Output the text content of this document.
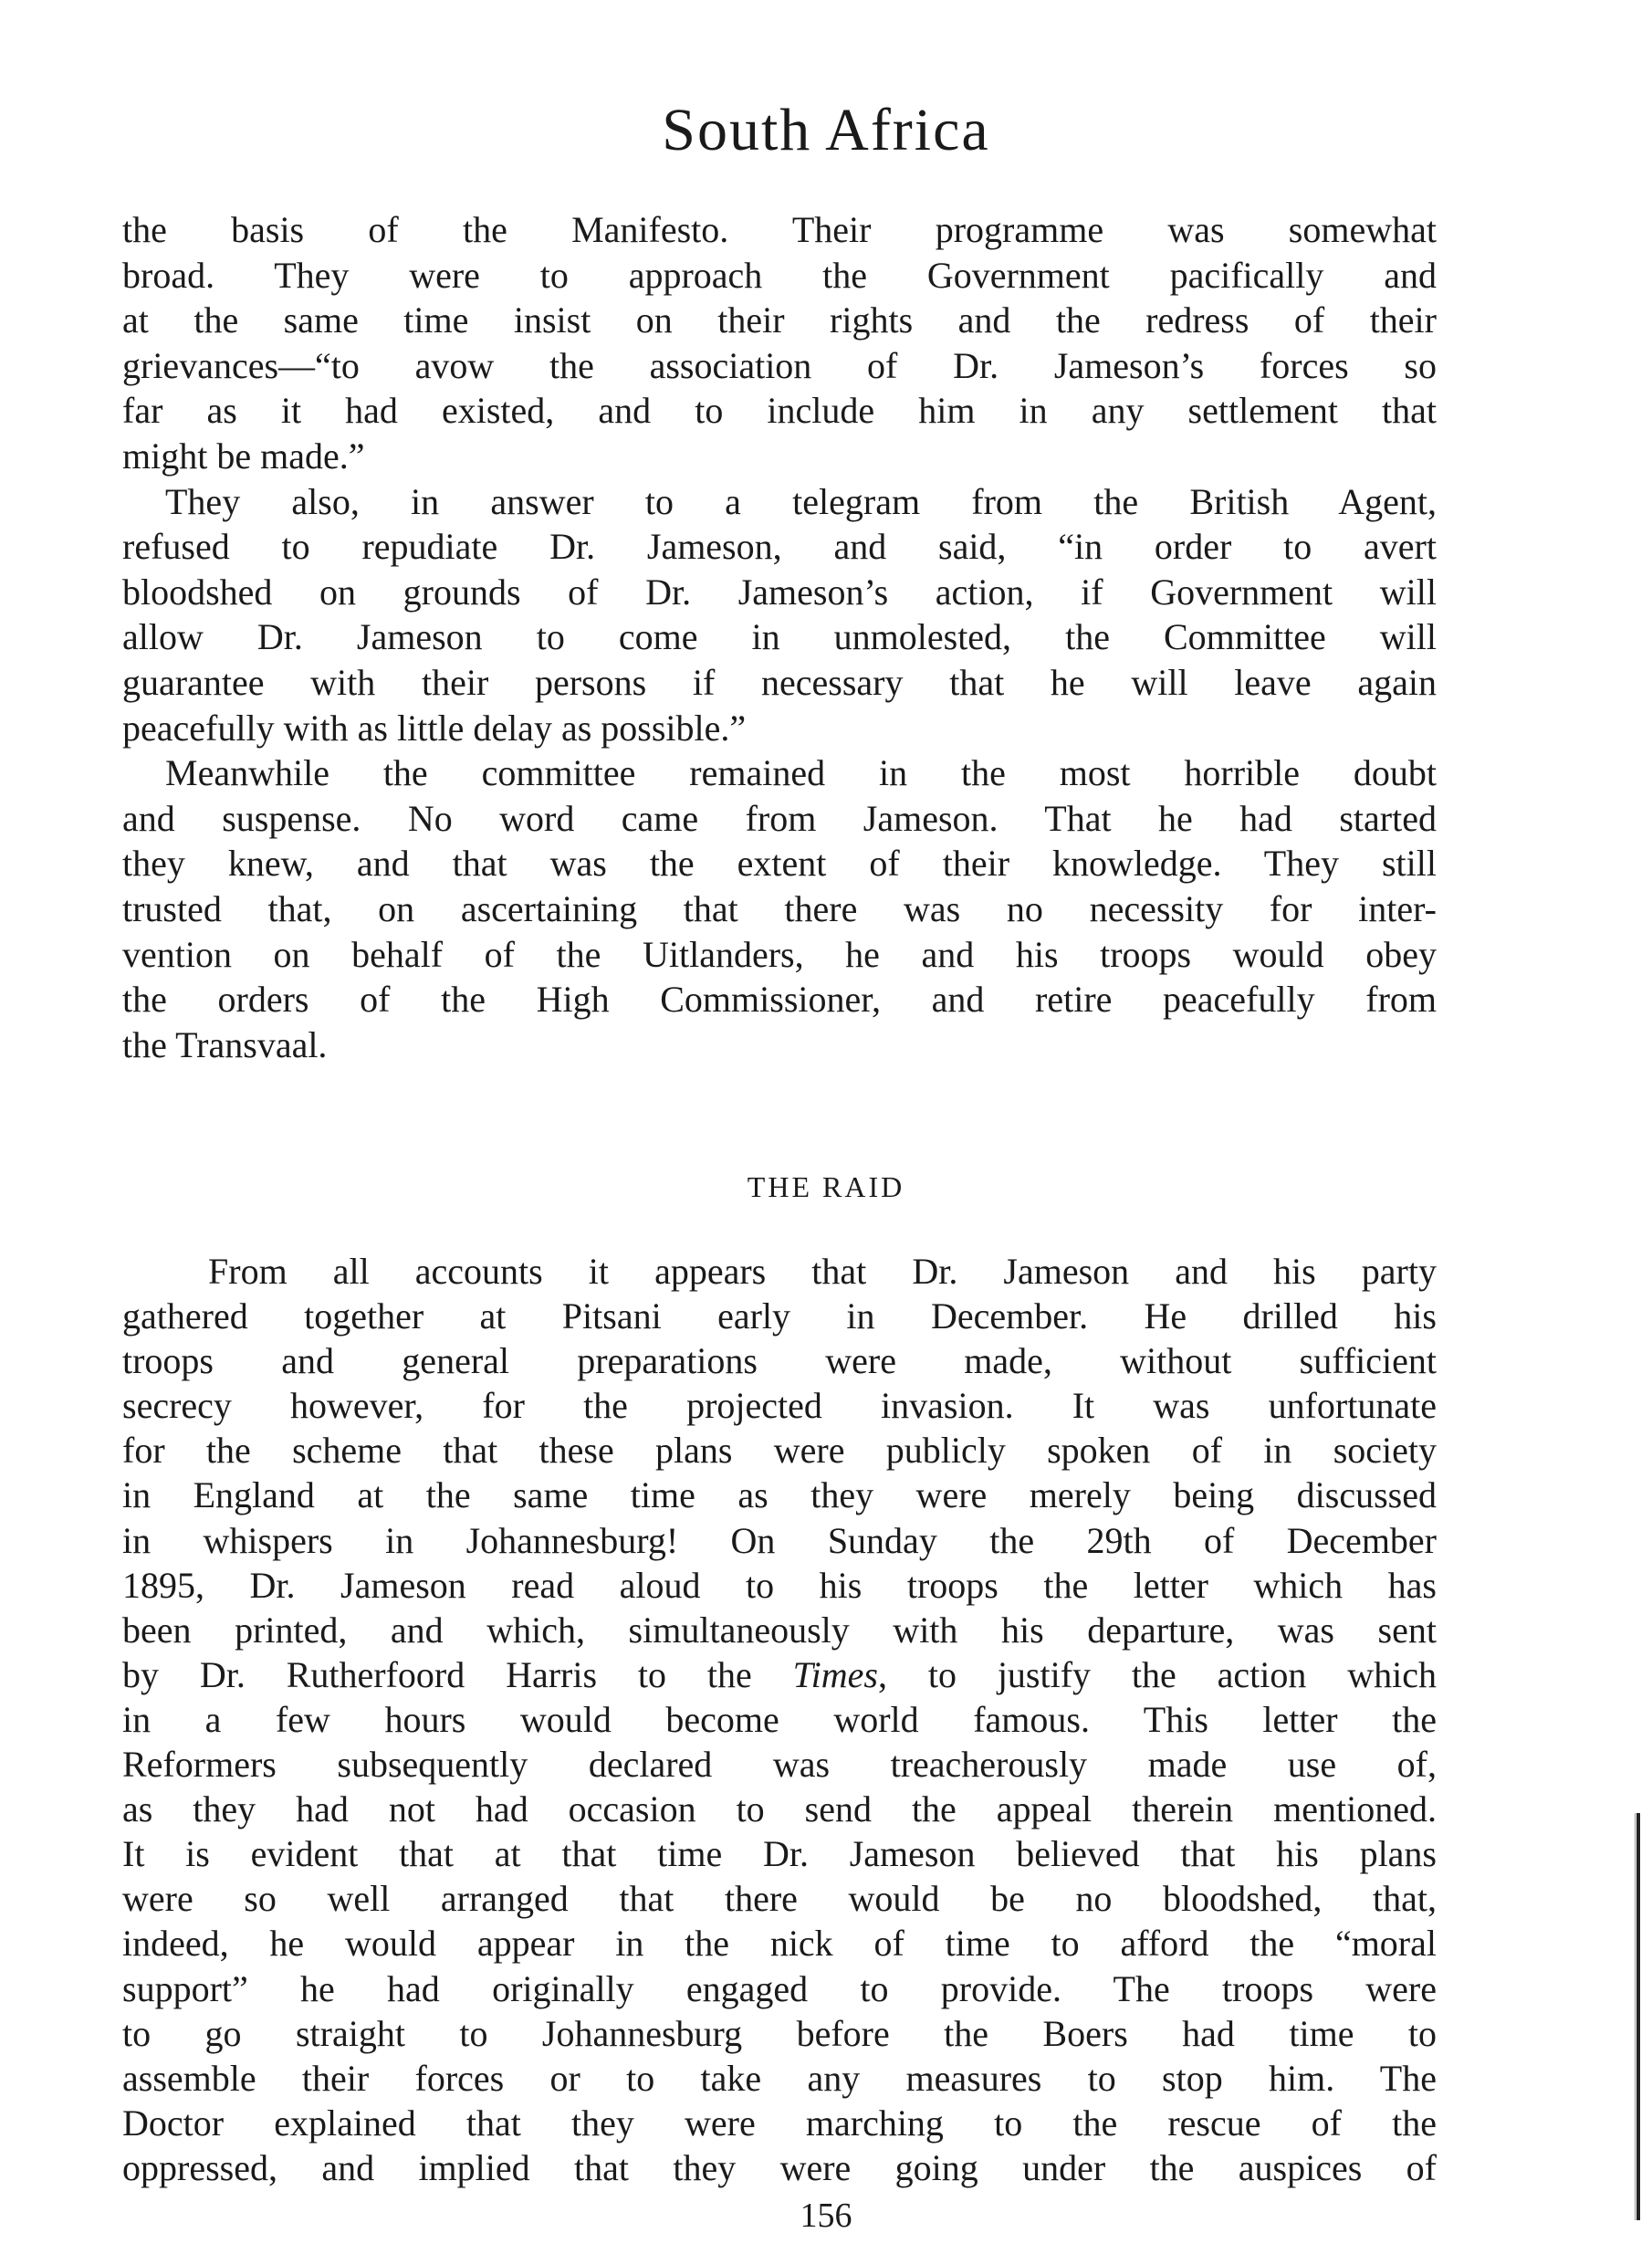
South Africa
the basis of the Manifesto. Their programme was somewhat
broad. They were to approach the Government pacifically and
at the same time insist on their rights and the redress of their
grievances—“to avow the association of Dr. Jameson’s forces so
far as it had existed, and to include him in any settlement that
might be made.”
They also, in answer to a telegram from the British Agent,
refused to repudiate Dr. Jameson, and said, “in order to avert
bloodshed on grounds of Dr. Jameson’s action, if Government will
allow Dr. Jameson to come in unmolested, the Committee will
guarantee with their persons if necessary that he will leave again
peacefully with as little delay as possible.”
Meanwhile the committee remained in the most horrible doubt
and suspense. No word came from Jameson. That he had started
they knew, and that was the extent of their knowledge. They still
trusted that, on ascertaining that there was no necessity for inter-
vention on behalf of the Uitlanders, he and his troops would obey
the orders of the High Commissioner, and retire peacefully from
the Transvaal.
THE RAID
From all accounts it appears that Dr. Jameson and his party
gathered together at Pitsani early in December. He drilled his
troops and general preparations were made, without sufficient
secrecy however, for the projected invasion. It was unfortunate
for the scheme that these plans were publicly spoken of in society
in England at the same time as they were merely being discussed
in whispers in Johannesburg! On Sunday the 29th of December
1895, Dr. Jameson read aloud to his troops the letter which has
been printed, and which, simultaneously with his departure, was sent
by Dr. Rutherfoord Harris to the Times, to justify the action which
in a few hours would become world famous. This letter the
Reformers subsequently declared was treacherously made use of,
as they had not had occasion to send the appeal therein mentioned.
It is evident that at that time Dr. Jameson believed that his plans
were so well arranged that there would be no bloodshed, that,
indeed, he would appear in the nick of time to afford the “moral
support” he had originally engaged to provide. The troops were
to go straight to Johannesburg before the Boers had time to
assemble their forces or to take any measures to stop him. The
Doctor explained that they were marching to the rescue of the
oppressed, and implied that they were going under the auspices of
156
